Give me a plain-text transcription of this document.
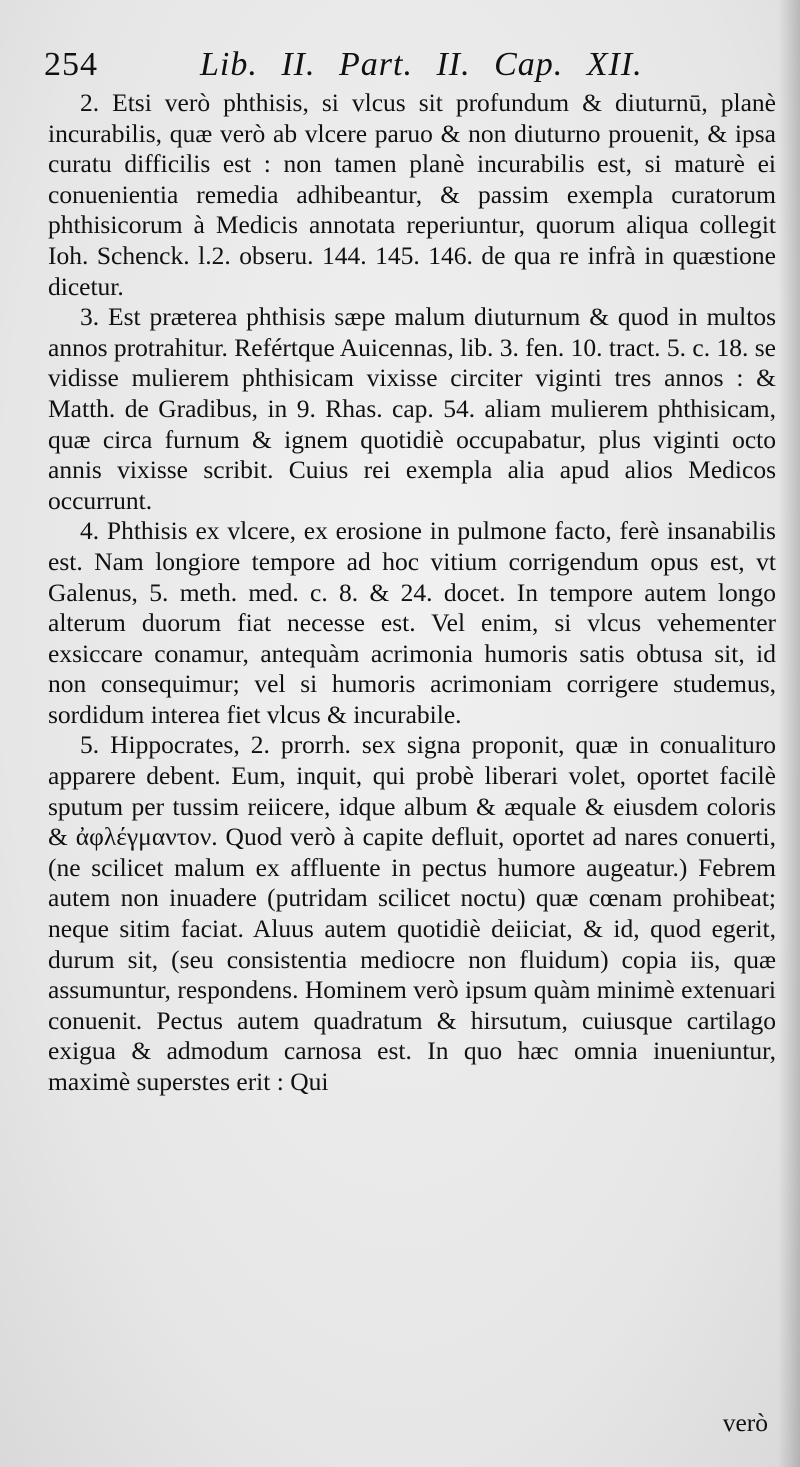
254	Lib. II. Part. II. Cap. XII.

2. Etsi verò phthisis, si vlcus sit profundum & diuturnū, planè incurabilis, quæ verò ab vlcere paruo & non diuturno prouenit, & ipsa curatu difficilis est : non tamen planè incurabilis est, si maturè ei conuenientia remedia adhibeantur, & passim exempla curatorum phthisicorum à Medicis annotata reperiuntur, quorum aliqua collegit Ioh. Schenck. l.2. obseru. 144. 145. 146. de qua re infrà in quæstione dicetur.

3. Est præterea phthisis sæpe malum diuturnum & quod in multos annos protrahitur. Refértque Auicennas, lib. 3. fen. 10. tract. 5. c. 18. se vidisse mulierem phthisicam vixisse circiter viginti tres annos : & Matth. de Gradibus, in 9. Rhas. cap. 54. aliam mulierem phthisicam, quæ circa furnum & ignem quotidiè occupabatur, plus viginti octo annis vixisse scribit. Cuius rei exempla alia apud alios Medicos occurrunt.

4. Phthisis ex vlcere, ex erosione in pulmone facto, ferè insanabilis est. Nam longiore tempore ad hoc vitium corrigendum opus est, vt Galenus, 5. meth. med. c. 8. & 24. docet. In tempore autem longo alterum duorum fiat necesse est. Vel enim, si vlcus vehementer exsiccare conamur, antequàm acrimonia humoris satis obtusa sit, id non consequimur; vel si humoris acrimoniam corrigere studemus, sordidum interea fiet vlcus & incurabile.

5. Hippocrates, 2. prorrh. sex signa proponit, quæ in conualituro apparere debent. Eum, inquit, qui probè liberari volet, oportet facilè sputum per tussim reiicere, idque album & æquale & eiusdem coloris & ἀφλέγμαντον. Quod verò à capite defluit, oportet ad nares conuerti, (ne scilicet malum ex affluente in pectus humore augeatur.) Febrem autem non inuadere (putridam scilicet noctu) quæ cœnam prohibeat; neque sitim faciat. Aluus autem quotidiè deiiciat, & id, quod egerit, durum sit, (seu consistentia mediocre non fluidum) copia iis, quæ assumuntur, respondens. Hominem verò ipsum quàm minimè extenuari conuenit. Pectus autem quadratum & hirsutum, cuiusque cartilago exigua & admodum carnosa est. In quo hæc omnia inueniuntur, maximè superstes erit : Qui

verò
